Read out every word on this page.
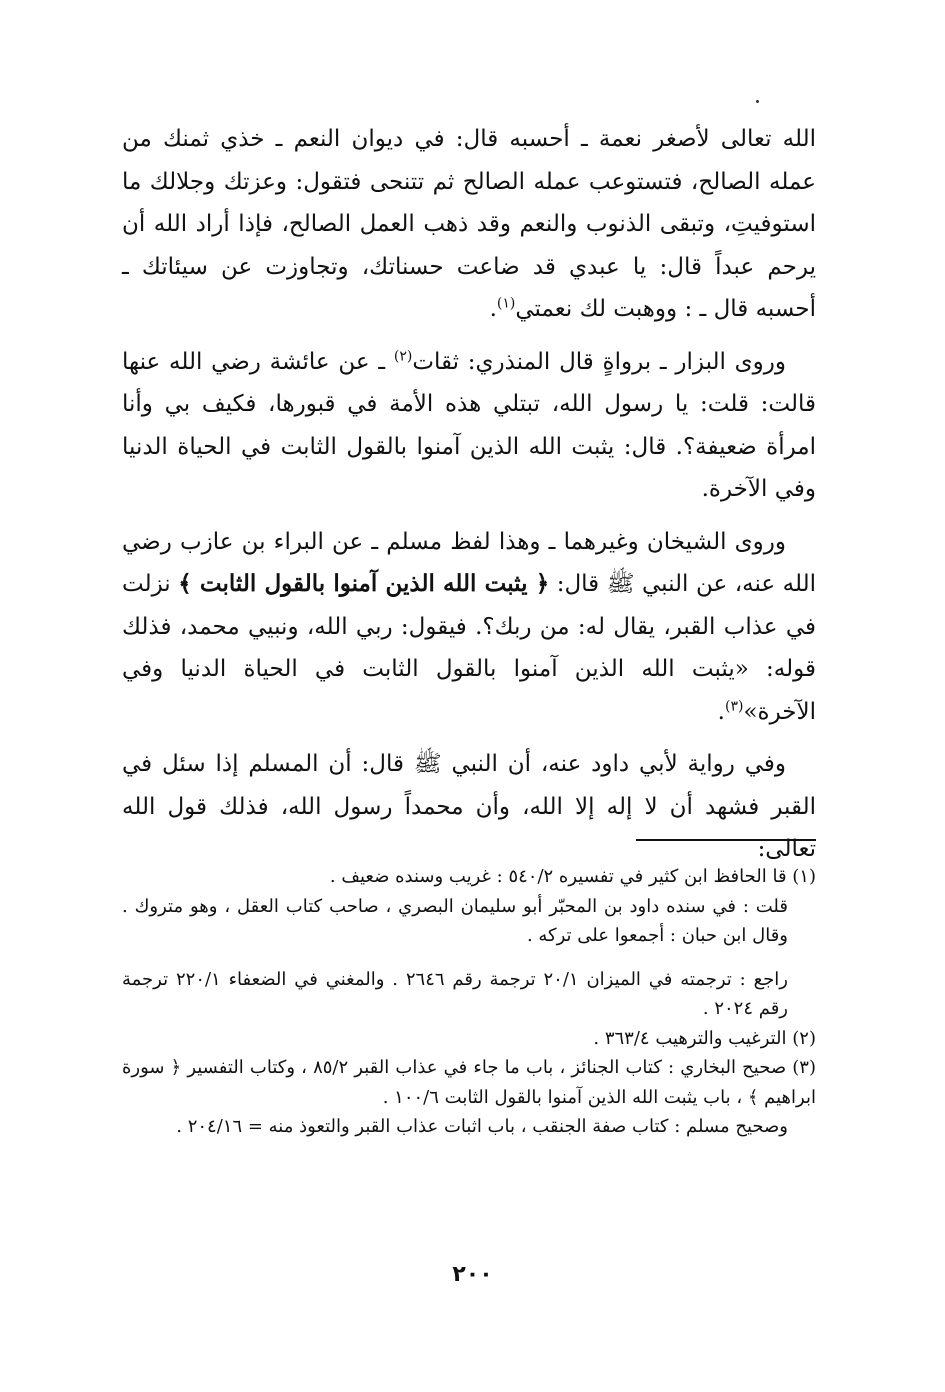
الله تعالى لأصغر نعمة ـ أحسبه قال: في ديوان النعم ـ خذي ثمنك من عمله الصالح، فتستوعب عمله الصالح ثم تتنحى فتقول: وعزتك وجلالك ما استوفيتِ، وتبقى الذنوب والنعم وقد ذهب العمل الصالح، فإذا أراد الله أن يرحم عبداً قال: يا عبدي قد ضاعت حسناتك، وتجاوزت عن سيئاتك ـ أحسبه قال ـ : ووهبت لك نعمتي$^{(١)}$.

وروى البزار ـ برواةٍ قال المنذري: ثقات$^{(٢)}$ ـ عن عائشة رضي الله عنها قالت: قلت: يا رسول الله، تبتلي هذه الأمة في قبورها، فكيف بي وأنا امرأة ضعيفة؟. قال: يثبت الله الذين آمنوا بالقول الثابت في الحياة الدنيا وفي الآخرة.

وروى الشيخان وغيرهما ـ وهذا لفظ مسلم ـ عن البراء بن عازب رضي الله عنه، عن النبي ﷺ قال: ﴿ يثبت الله الذين آمنوا بالقول الثابت ﴾ نزلت في عذاب القبر، يقال له: من ربك؟. فيقول: ربي الله، ونبيي محمد، فذلك قوله: «يثبت الله الذين آمنوا بالقول الثابت في الحياة الدنيا وفي الآخرة»$^{(٣)}$.

وفي رواية لأبي داود عنه، أن النبي ﷺ قال: أن المسلم إذا سئل في القبر فشهد أن لا إله إلا الله، وأن محمداً رسول الله، فذلك قول الله تعالى:

(١) قا الحافظ ابن كثير في تفسيره ٥٤٠/٢ : غريب وسنده ضعيف .

قلت : في سنده داود بن المحبّر أبو سليمان البصري ، صاحب كتاب العقل ، وهو متروك . وقال ابن حبان : أجمعوا على تركه .

راجع : ترجمته في الميزان ٢٠/١ ترجمة رقم ٢٦٤٦ . والمغني في الضعفاء ٢٢٠/١ ترجمة رقم ٢٠٢٤ .

(٢) الترغيب والترهيب ٣٦٣/٤ .

(٣) صحيح البخاري : كتاب الجنائز ، باب ما جاء في عذاب القبر ٨٥/٢ ، وكتاب التفسير ﴿ سورة ابراهيم ﴾ ، باب يثبت الله الذين آمنوا بالقول الثابت ١٠٠/٦ .

وصحيح مسلم : كتاب صفة الجنقب ، باب اثبات عذاب القبر والتعوذ منه = ٢٠٤/١٦ .

٢٠٠
